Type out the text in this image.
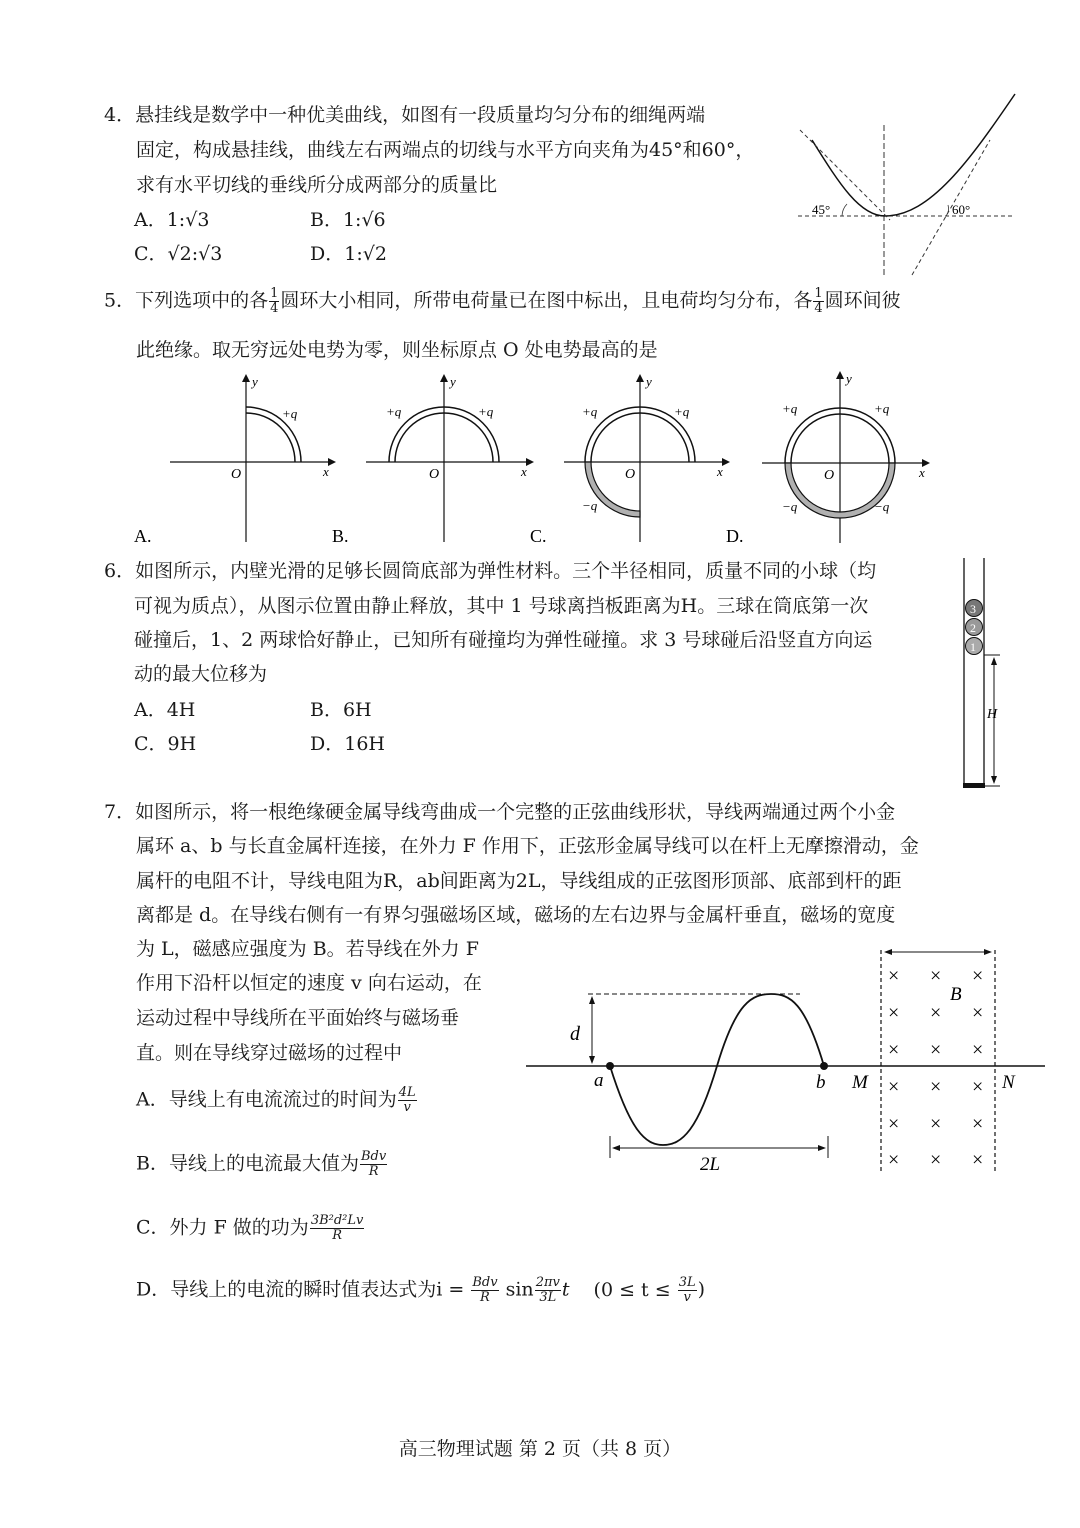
4．悬挂线是数学中一种优美曲线，如图有一段质量均匀分布的细绳两端
固定，构成悬挂线，曲线左右两端点的切线与水平方向夹角为45°和60°，
求有水平切线的垂线所分成两部分的质量比
A．1:√3	B．1:√6
C．√2:√3	D．1:√2
45°	60°
5．下列选项中的各 $\frac{1}{4}$ 圆环大小相同，所带电荷量已在图中标出，且电荷均匀分布，各 $\frac{1}{4}$ 圆环间彼
此绝缘。取无穷远处电势为零，则坐标原点 O 处电势最高的是
y
x
O
+q
A.
y
x
O
+q	+q
B.
y
x
O
+q	+q
−q
C.
y
x
O
+q	+q
−q	−q
D.
6．如图所示，内壁光滑的足够长圆筒底部为弹性材料。三个半径相同，质量不同的小球（均
可视为质点），从图示位置由静止释放，其中 1 号球离挡板距离为H。三球在筒底第一次
碰撞后，1、2 两球恰好静止，已知所有碰撞均为弹性碰撞。求 3 号球碰后沿竖直方向运
动的最大位移为
A．4H	B．6H
C．9H	D．16H
3
2
1
H
7．如图所示，将一根绝缘硬金属导线弯曲成一个完整的正弦曲线形状，导线两端通过两个小金
属环 a、b 与长直金属杆连接，在外力 F 作用下，正弦形金属导线可以在杆上无摩擦滑动，金
属杆的电阻不计，导线电阻为R，ab间距离为2L，导线组成的正弦图形顶部、底部到杆的距
离都是 d。在导线右侧有一有界匀强磁场区域，磁场的左右边界与金属杆垂直，磁场的宽度
为 L，磁感应强度为 B。若导线在外力 F
作用下沿杆以恒定的速度 v 向右运动，在
运动过程中导线所在平面始终与磁场垂
直。则在导线穿过磁场的过程中
A．导线上有电流流过的时间为 $\frac{4L}{v}$
B．导线上的电流最大值为 $\frac{\text{Bdv}}{R}$
C．外力 F 做的功为 $\frac{\text{3B²d²Lv}}{R}$
D．导线上的电流的瞬时值表达式为$i = \frac{\text{Bdv}}{R}$ $\sin \frac{2\pi v}{3L}$ t ($0 \le t \le \frac{3L}{v}$ )
d
a	b
2L
M	N
B
× × ×
× × ×
× × ×
× × ×
× × ×
× × ×
高三物理试题 第 2 页（共 8 页）
